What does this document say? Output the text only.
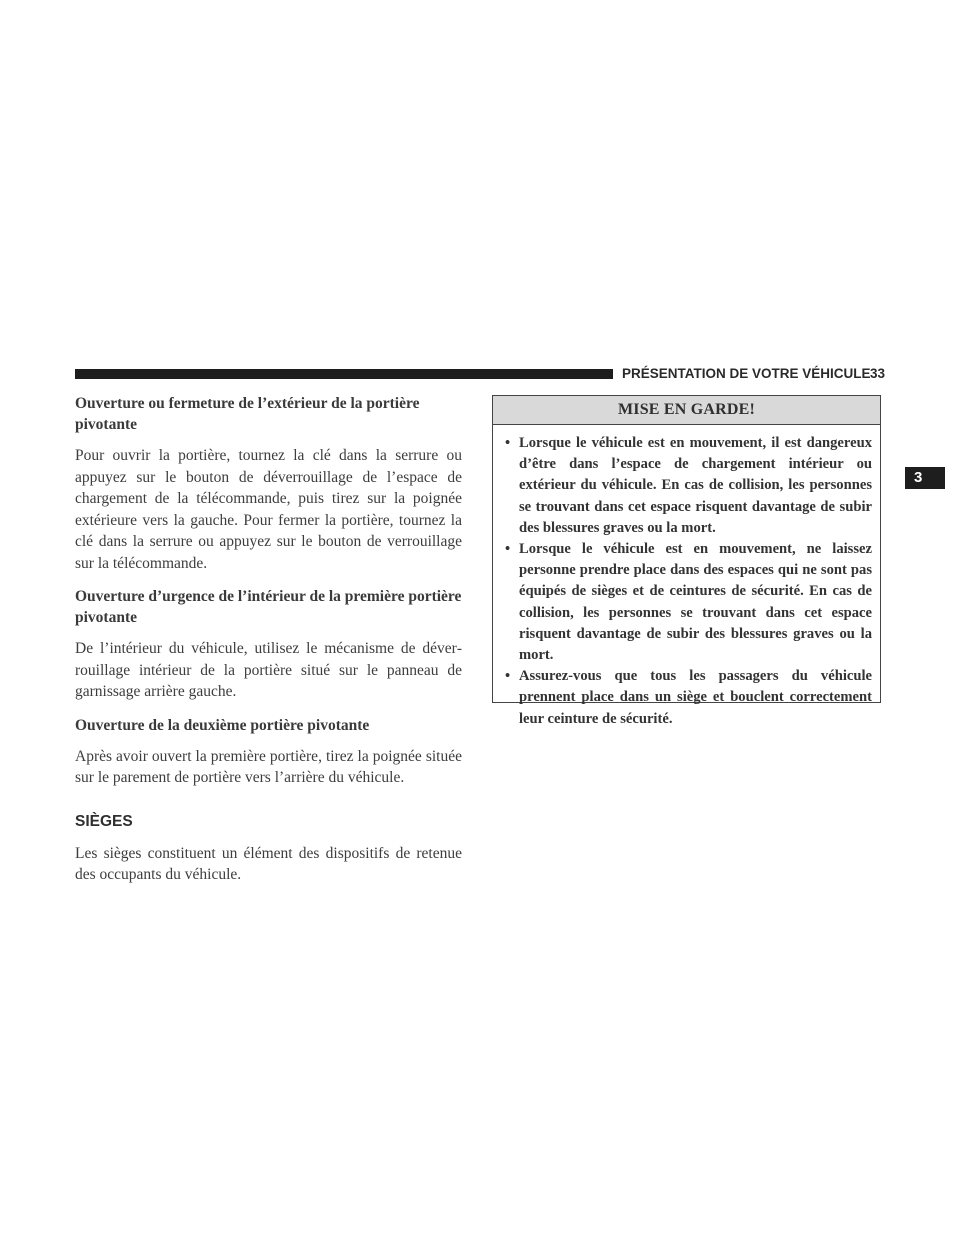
PRÉSENTATION DE VOTRE VÉHICULE 33
3
Ouverture ou fermeture de l’extérieur de la portière pivotante

Pour ouvrir la portière, tournez la clé dans la serrure ou appuyez sur le bouton de déverrouillage de l’espace de chargement de la télécommande, puis tirez sur la poignée extérieure vers la gauche. Pour fermer la portière, tournez la clé dans la serrure ou appuyez sur le bouton de verrouillage sur la télécommande.

Ouverture d’urgence de l’intérieur de la première portière pivotante

De l’intérieur du véhicule, utilisez le mécanisme de déverrouillage intérieur de la portière situé sur le panneau de garnissage arrière gauche.

Ouverture de la deuxième portière pivotante

Après avoir ouvert la première portière, tirez la poignée située sur le parement de portière vers l’arrière du véhicule.

SIÈGES

Les sièges constituent un élément des dispositifs de retenue des occupants du véhicule.

MISE EN GARDE!
• Lorsque le véhicule est en mouvement, il est dangereux d’être dans l’espace de chargement intérieur ou extérieur du véhicule. En cas de collision, les personnes se trouvant dans cet espace risquent davantage de subir des blessures graves ou la mort.
• Lorsque le véhicule est en mouvement, ne laissez personne prendre place dans des espaces qui ne sont pas équipés de sièges et de ceintures de sécurité. En cas de collision, les personnes se trouvant dans cet espace risquent davantage de subir des blessures graves ou la mort.
• Assurez-vous que tous les passagers du véhicule prennent place dans un siège et bouclent correctement leur ceinture de sécurité.
